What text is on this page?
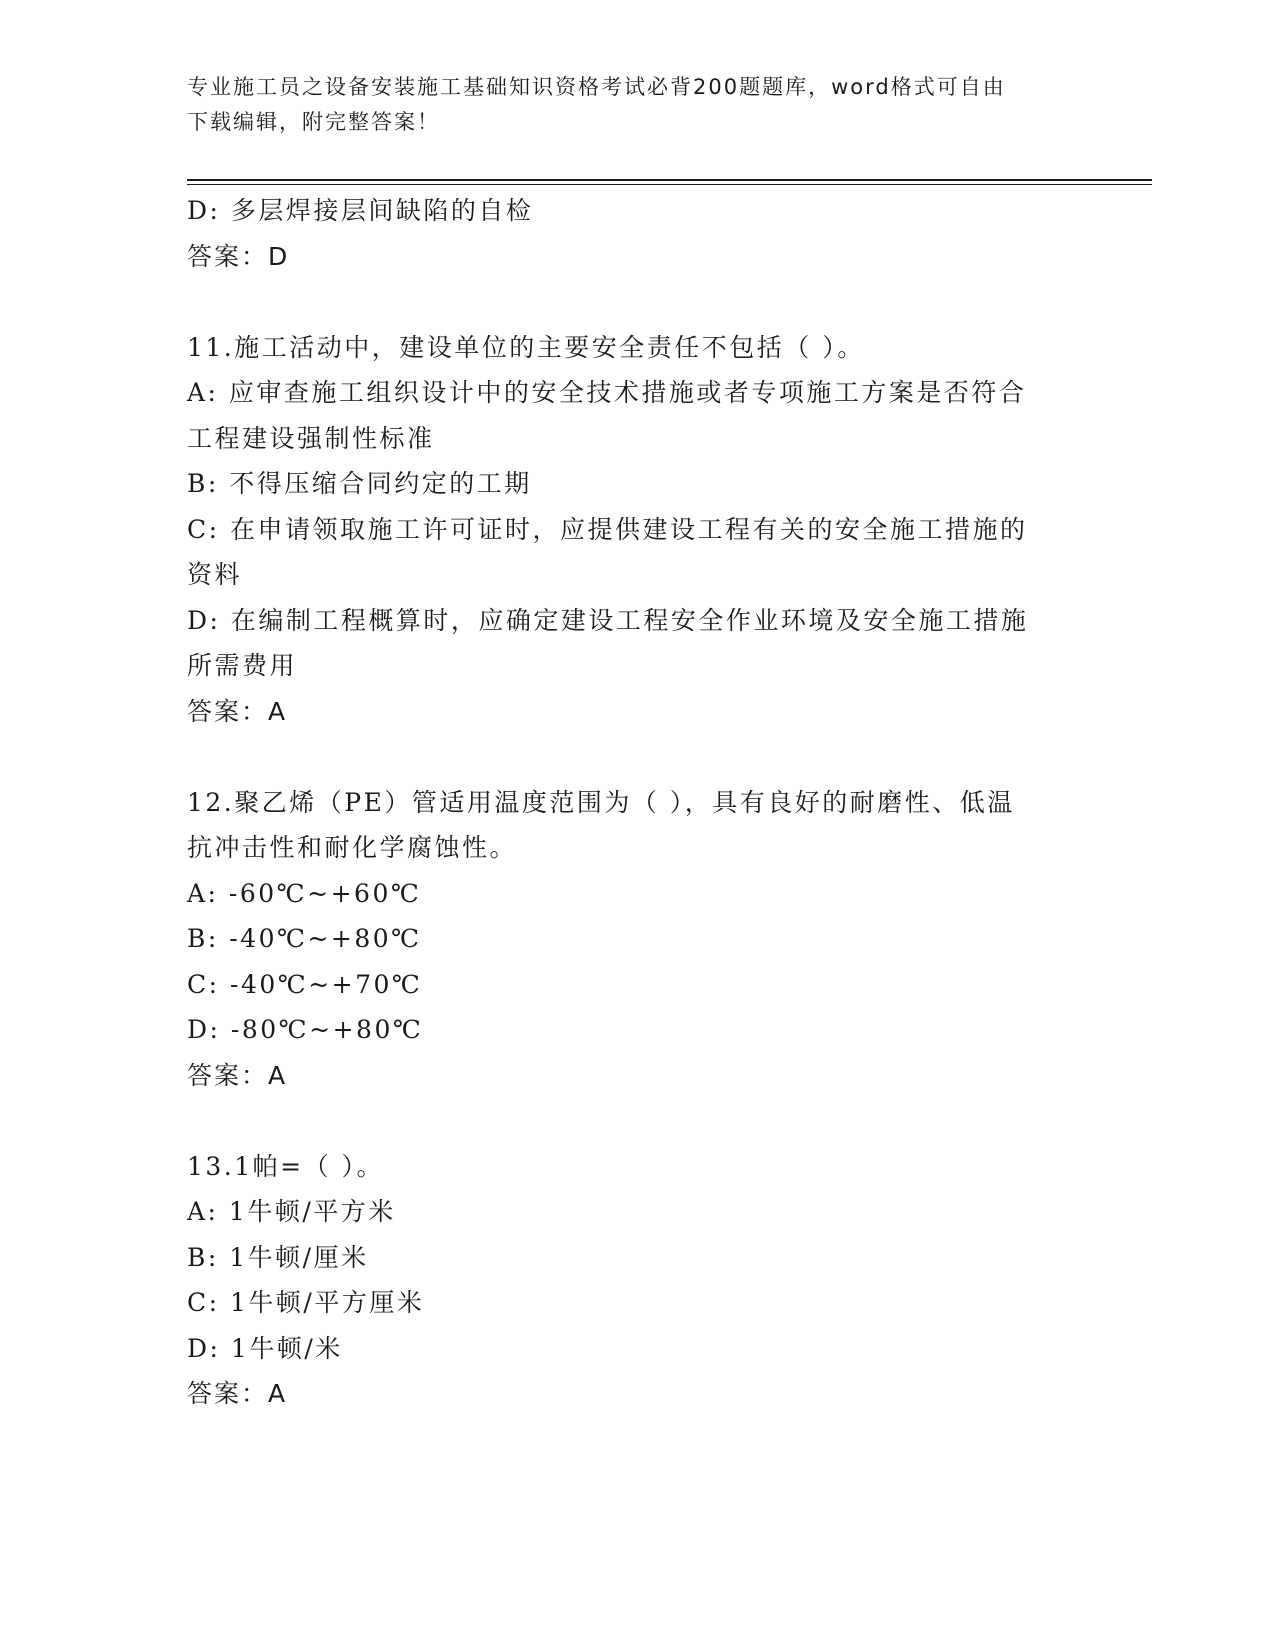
专业施工员之设备安装施工基础知识资格考试必背200题题库，word格式可自由
下载编辑，附完整答案！
D: 多层焊接层间缺陷的自检
答案：D
11.施工活动中，建设单位的主要安全责任不包括（ ）。
A: 应审查施工组织设计中的安全技术措施或者专项施工方案是否符合
工程建设强制性标准
B: 不得压缩合同约定的工期
C: 在申请领取施工许可证时，应提供建设工程有关的安全施工措施的
资料
D: 在编制工程概算时，应确定建设工程安全作业环境及安全施工措施
所需费用
答案：A
12.聚乙烯（PE）管适用温度范围为（ ），具有良好的耐磨性、低温
抗冲击性和耐化学腐蚀性。
A: -60℃~+60℃
B: -40℃~+80℃
C: -40℃~+70℃
D: -80℃~+80℃
答案：A
13.1帕=（ ）。
A: 1牛顿/平方米
B: 1牛顿/厘米
C: 1牛顿/平方厘米
D: 1牛顿/米
答案：A
